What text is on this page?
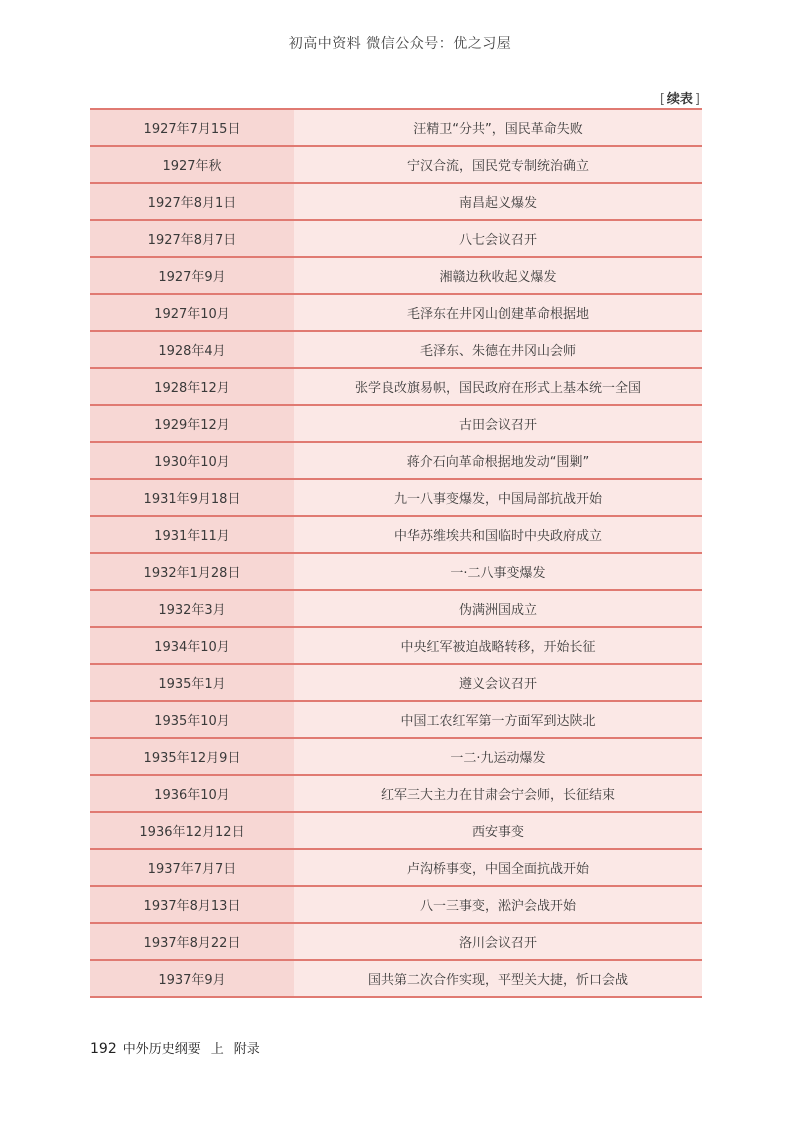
初高中资料 微信公众号：优之习屋
[ 续表 ]
1927年7月15日	汪精卫“分共”，国民革命失败
1927年秋	宁汉合流，国民党专制统治确立
1927年8月1日	南昌起义爆发
1927年8月7日	八七会议召开
1927年9月	湘赣边秋收起义爆发
1927年10月	毛泽东在井冈山创建革命根据地
1928年4月	毛泽东、朱德在井冈山会师
1928年12月	张学良改旗易帜，国民政府在形式上基本统一全国
1929年12月	古田会议召开
1930年10月	蒋介石向革命根据地发动“围剿”
1931年9月18日	九一八事变爆发，中国局部抗战开始
1931年11月	中华苏维埃共和国临时中央政府成立
1932年1月28日	一·二八事变爆发
1932年3月	伪满洲国成立
1934年10月	中央红军被迫战略转移，开始长征
1935年1月	遵义会议召开
1935年10月	中国工农红军第一方面军到达陕北
1935年12月9日	一二·九运动爆发
1936年10月	红军三大主力在甘肃会宁会师，长征结束
1936年12月12日	西安事变
1937年7月7日	卢沟桥事变，中国全面抗战开始
1937年8月13日	八一三事变，淞沪会战开始
1937年8月22日	洛川会议召开
1937年9月	国共第二次合作实现，平型关大捷，忻口会战
192 中外历史纲要 上 附录
